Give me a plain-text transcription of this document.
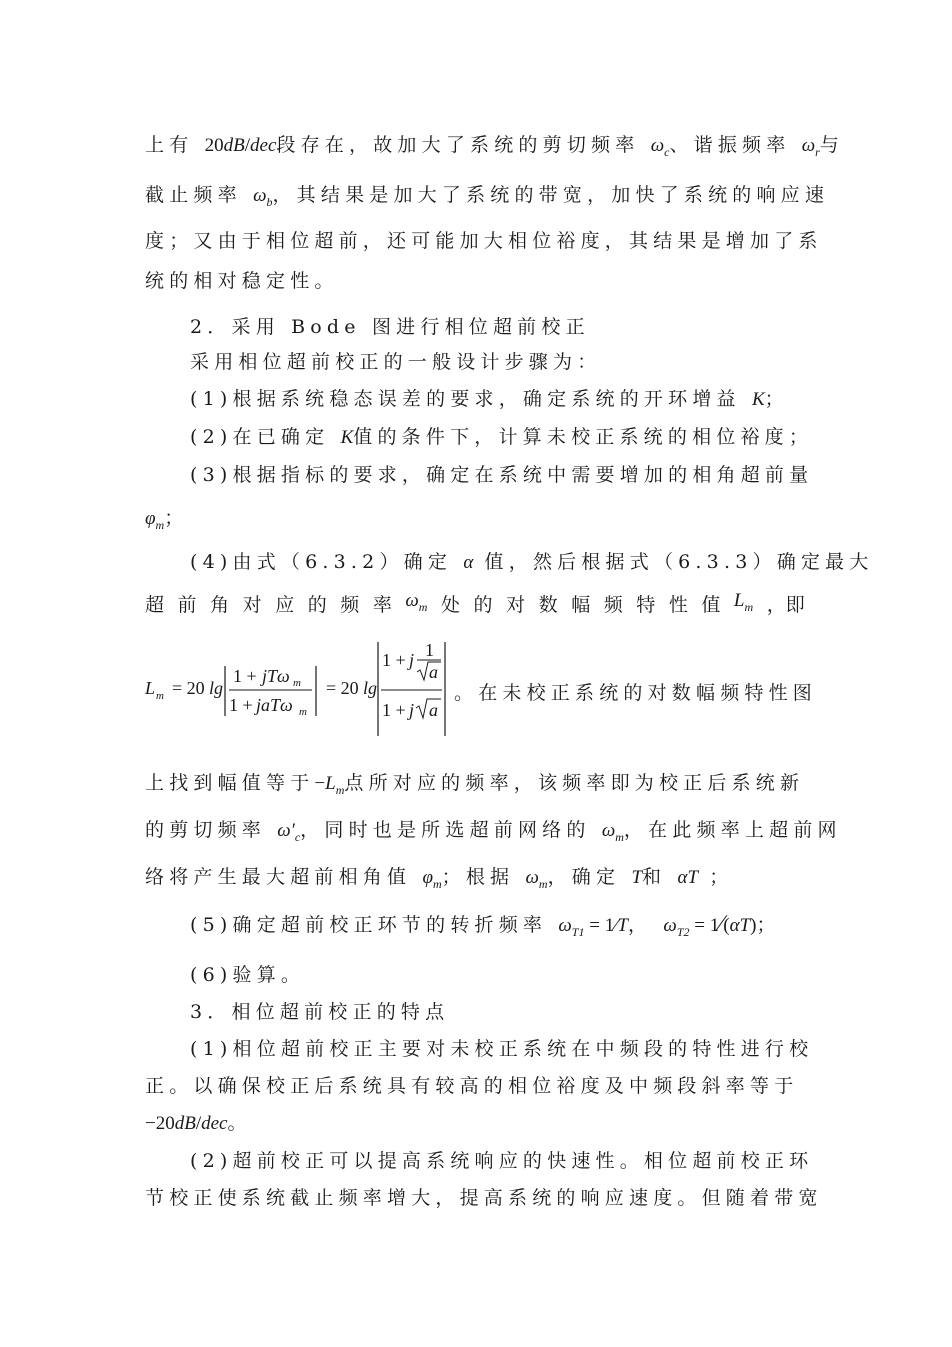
上有 20dB/dec段存在，故加大了系统的剪切频率 $\omega_c$、谐振频率 $\omega_r$与
截止频率 $\omega_b$，其结果是加大了系统的带宽，加快了系统的响应速
度；又由于相位超前，还可能加大相位裕度，其结果是增加了系
统的相对稳定性。
2．采用 Bode 图进行相位超前校正
采用相位超前校正的一般设计步骤为：
(1)根据系统稳态误差的要求，确定系统的开环增益 K；
(2)在已确定 K值的条件下，计算未校正系统的相位裕度；
(3)根据指标的要求，确定在系统中需要增加的相角超前量
$\varphi_m$；
(4)由式（6.3.2）确定 α 值，然后根据式（6.3.3）确定最大
超 前 角 对 应 的 频 率 $\omega_m$ 处 的 对 数 幅 频 特 性 值 $L_m$ ，即
L m = 20 lg
1 + jTω m
1 + jaTω m
= 20 lg
1 + j 1
a
1 + j a
。在未校正系统的对数幅频特性图
上找到幅值等于$-L_m$点所对应的频率，该频率即为校正后系统新
的剪切频率 $\omega'_c$，同时也是所选超前网络的 $\omega_m$，在此频率上超前网
络将产生最大超前相角值 $\varphi_m$；根据 $\omega_m$，确定 T和 αT ；
(5)确定超前校正环节的转折频率 $\omega_{T1}$ = 1∕T， $\omega_{T2}$ = 1∕(αT)；
(6)验算。
3．相位超前校正的特点
(1)相位超前校正主要对未校正系统在中频段的特性进行校
正。以确保校正后系统具有较高的相位裕度及中频段斜率等于
−20dB/dec。
(2)超前校正可以提高系统响应的快速性。相位超前校正环
节校正使系统截止频率增大，提高系统的响应速度。但随着带宽
